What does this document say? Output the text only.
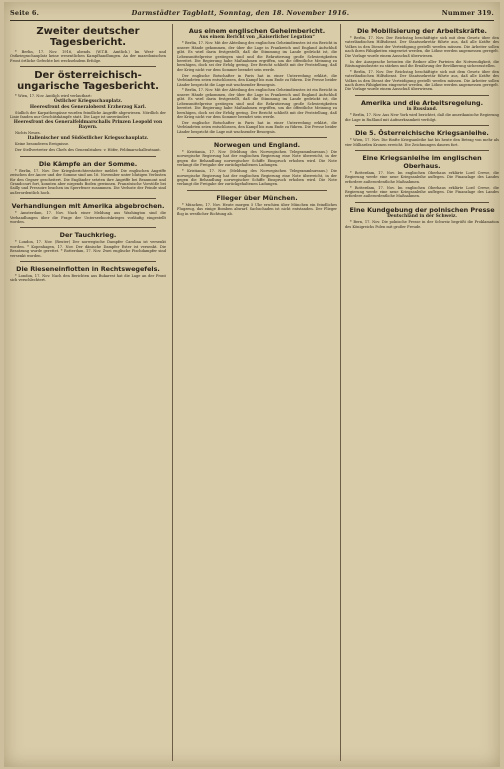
Seite 6.	Darmstädter Tagblatt, Sonntag, den 18. November 1916.	Nummer 319.
Zweiter deutscher Tagesbericht.

* Berlin, 17. Nov. 1916, abends. (W.T.B. Amtlich.) Im West- und Ostkriegsschauplatz keine wesentlichen Kampfhandlungen. An der mazedonischen Front örtliche Gefechte bei wechselndem Erfolge.

Der österreichisch-ungarische Tagesbericht.

* Wien, 17. Nov. Amtlich wird verlautbart:

Östlicher Kriegsschauplatz.
Heeresfront des Generaloberst Erzherzog Karl.

Südlich der Karpathenpässe wurden feindliche Angriffe abgewiesen. Nördlich der Linie fanden nur Geschützkämpfe statt. Die Lage ist unverändert.

Heeresfront des Generalfeldmarschalls Prinzen Leopold von Bayern.

Nichts Neues.

Italienischer und Südöstlicher Kriegsschauplatz.

Keine besonderen Ereignisse.

Der Stellvertreter des Chefs des Generalstabes: v. Höfer, Feldmarschalleutnant.

Die Kämpfe an der Somme.

* Berlin, 17. Nov. Der Kriegsberichterstatter meldet: Die englischen Angriffe zwischen der Ancre und der Somme sind am 16. November unter blutigen Verlusten für den Gegner gescheitert. Die Engländer setzten ihre Angriffe bei Beaumont und Grandcourt fort, konnten aber nirgends Boden gewinnen. Französische Vorstöße bei Sailly und Pressoire brachen im Sperrfeuer zusammen. Die Verluste der Feinde sind außerordentlich hoch.

Verhandlungen mit Amerika abgebrochen.

* Amsterdam, 17. Nov. Nach einer Meldung aus Washington sind die Verhandlungen über die Frage der Unterseebootskrieges vorläufig eingestellt worden.

Der Tauchkrieg.

* London, 17. Nov. (Reuter) Der norwegische Dampfer Carolina ist versenkt worden. * Kopenhagen, 17. Nov. Der dänische Dampfer Ester ist versenkt. Die Besatzung wurde gerettet. * Rotterdam, 17. Nov. Zwei englische Fischdampfer sind versenkt worden.

Die Rieseneinflotten in Rechtswegefels.

* London, 17. Nov. Nach den Berichten aus Bukarest hat die Lage an der Front sich verschlechtert.

Aus einem englischen Geheimbericht.
Aus einem Bericht von „Kaiserlicher Legation“

* Berlin, 17. Nov. Mit der Abteilung des englischen Geheimdienstes ist ein Bericht in unsere Hände gekommen, der über die Lage in Frankreich und England Aufschluß gibt. Es wird darin festgestellt, daß die Stimmung im Lande gedrückt ist, die Lebensmittelpreise gestiegen sind und die Rekrutierung große Schwierigkeiten bereitet. Die Regierung habe Maßnahmen ergriffen, um die öffentliche Meinung zu beruhigen, doch sei der Erfolg gering. Der Bericht schließt mit der Feststellung, daß der Krieg nicht vor dem Sommer beendet sein werde.

Der englische Botschafter in Paris hat in einer Unterredung erklärt, die Verbündeten seien entschlossen, den Kampf bis zum Ende zu führen. Die Presse beider Länder bespricht die Lage mit wachsender Besorgnis.

* Berlin, 17. Nov. Mit der Abteilung des englischen Geheimdienstes ist ein Bericht in unsere Hände gekommen, der über die Lage in Frankreich und England Aufschluß gibt. Es wird darin festgestellt, daß die Stimmung im Lande gedrückt ist, die Lebensmittelpreise gestiegen sind und die Rekrutierung große Schwierigkeiten bereitet. Die Regierung habe Maßnahmen ergriffen, um die öffentliche Meinung zu beruhigen, doch sei der Erfolg gering. Der Bericht schließt mit der Feststellung, daß der Krieg nicht vor dem Sommer beendet sein werde.

Der englische Botschafter in Paris hat in einer Unterredung erklärt, die Verbündeten seien entschlossen, den Kampf bis zum Ende zu führen. Die Presse beider Länder bespricht die Lage mit wachsender Besorgnis.

Norwegen und England.

* Kristiania, 17. Nov. (Meldung des Norwegischen Telegrammbureaus.) Die norwegische Regierung hat der englischen Regierung eine Note überreicht, in der gegen die Behandlung norwegischer Schiffe Einspruch erhoben wird. Die Note verlangt die Freigabe der zurückgehaltenen Ladungen.

* Kristiania, 17. Nov. (Meldung des Norwegischen Telegrammbureaus.) Die norwegische Regierung hat der englischen Regierung eine Note überreicht, in der gegen die Behandlung norwegischer Schiffe Einspruch erhoben wird. Die Note verlangt die Freigabe der zurückgehaltenen Ladungen.

Flieger über München.

* München, 17. Nov. Heute morgen 5 Uhr erschien über München ein feindliches Flugzeug, das einige Bomben abwarf. Sachschaden ist nicht entstanden. Der Flieger flog in westlicher Richtung ab.

Die Mobilisierung der Arbeitskräfte.

* Berlin, 17. Nov. Der Reichstag beschäftigte sich mit dem Gesetz über den vaterländischen Hilfsdienst. Der Staatssekretär führte aus, daß alle Kräfte des Volkes in den Dienst der Verteidigung gestellt werden müssen. Die Arbeiter sollen nach ihren Fähigkeiten eingesetzt werden, die Löhne werden angemessen geregelt. Die Vorlage wurde einem Ausschuß überwiesen.

In der Aussprache betonten die Redner aller Parteien die Notwendigkeit, die Rüstungsindustrie zu stärken und die Ernährung der Bevölkerung sicherzustellen.

* Berlin, 17. Nov. Der Reichstag beschäftigte sich mit dem Gesetz über den vaterländischen Hilfsdienst. Der Staatssekretär führte aus, daß alle Kräfte des Volkes in den Dienst der Verteidigung gestellt werden müssen. Die Arbeiter sollen nach ihren Fähigkeiten eingesetzt werden, die Löhne werden angemessen geregelt. Die Vorlage wurde einem Ausschuß überwiesen.

Amerika und die Arbeitsregelung.
in Russland.

* Berlin, 17. Nov. Aus New York wird berichtet, daß die amerikanische Regierung die Lage in Rußland mit Aufmerksamkeit verfolgt.

Die 5. Österreichische Kriegsanleihe.

* Wien, 17. Nov. Die fünfte Kriegsanleihe hat bis heute den Betrag von mehr als vier Milliarden Kronen erreicht. Die Zeichnungen dauern fort.

Eine Kriegsanleihe im englischen Oberhaus.

* Rotterdam, 17. Nov. Im englischen Oberhaus erklärte Lord Crewe, die Regierung werde eine neue Kriegsanleihe auflegen. Die Finanzlage des Landes erfordere außerordentliche Maßnahmen.

* Rotterdam, 17. Nov. Im englischen Oberhaus erklärte Lord Crewe, die Regierung werde eine neue Kriegsanleihe auflegen. Die Finanzlage des Landes erfordere außerordentliche Maßnahmen.

Eine Kundgebung der polnischen Presse
Deutschland in der Schweiz.

* Bern, 17. Nov. Die polnische Presse in der Schweiz begrüßt die Proklamation des Königreichs Polen mit großer Freude.
